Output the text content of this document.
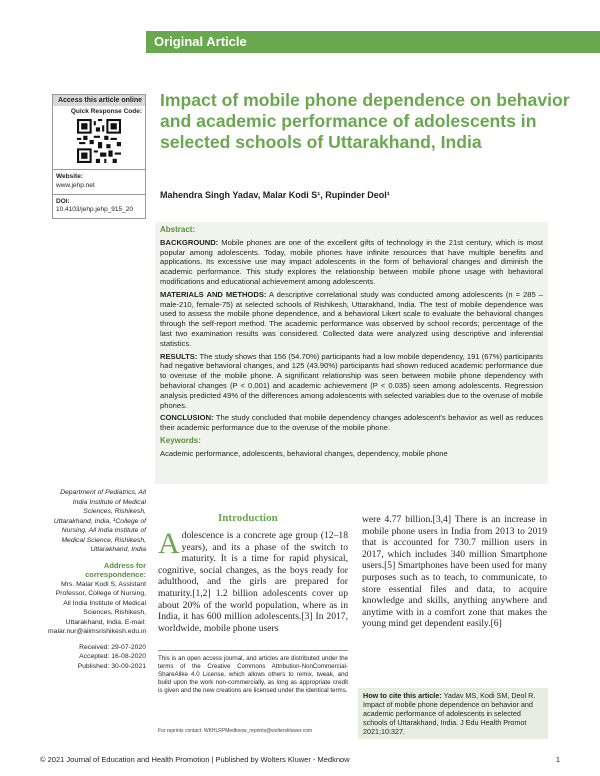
Original Article
Access this article online
Quick Response Code:
Website:
www.jehp.net
DOI:
10.4103/jehp.jehp_915_20
Impact of mobile phone dependence on behavior and academic performance of adolescents in selected schools of Uttarakhand, India
Mahendra Singh Yadav, Malar Kodi S¹, Rupinder Deol¹
Abstract:

BACKGROUND: Mobile phones are one of the excellent gifts of technology in the 21st century, which is most popular among adolescents. Today, mobile phones have infinite resources that have multiple benefits and applications. Its excessive use may impact adolescents in the form of behavioral changes and diminish the academic performance. This study explores the relationship between mobile phone usage with behavioral modifications and educational achievement among adolescents.

MATERIALS AND METHODS: A descriptive correlational study was conducted among adolescents (n = 285 –male-210, female-75) at selected schools of Rishikesh, Uttarakhand, India. The test of mobile dependence was used to assess the mobile phone dependence, and a behavioral Likert scale to evaluate the behavioral changes through the self-report method. The academic performance was observed by school records; percentage of the last two examination results was considered. Collected data were analyzed using descriptive and inferential statistics.

RESULTS: The study shows that 156 (54.70%) participants had a low mobile dependency, 191 (67%) participants had negative behavioral changes, and 125 (43.90%) participants had shown reduced academic performance due to overuse of the mobile phone. A significant relationship was seen between mobile phone dependency with behavioral changes (P < 0.001) and academic achievement (P < 0.035) seen among adolescents. Regression analysis predicted 49% of the differences among adolescents with selected variables due to the overuse of mobile phones.

CONCLUSION: The study concluded that mobile dependency changes adolescent's behavior as well as reduces their academic performance due to the overuse of the mobile phone.

Keywords:

Academic performance, adolescents, behavioral changes, dependency, mobile phone

Department of Pediatrics, All India Institute of Medical Sciences, Rishikesh, Uttarakhand, India, ¹College of Nursing, All India Institute of Medical Science, Rishikesh, Uttarakhand, India
Address for correspondence:
Mrs. Malar Kodi S, Assistant Professor, College of Nursing, All India Institute of Medical Sciences, Rishikesh, Uttarakhand, India. E-mail: malar.nur@aiimsrishikesh.edu.in
Received: 29-07-2020
Accepted: 16-08-2020
Published: 30-09-2021
Introduction
Adolescence is a concrete age group (12–18 years), and its a phase of the switch to maturity. It is a time for rapid physical, cognitive, social changes, as the boys ready for adulthood, and the girls are prepared for maturity.[1,2] 1.2 billion adolescents cover up about 20% of the world population, where as in India, it has 600 million adolescents.[3] In 2017, worldwide, mobile phone users
were 4.77 billion.[3,4] There is an increase in mobile phone users in India from 2013 to 2019 that is accounted for 730.7 million users in 2017, which includes 340 million Smartphone users.[5] Smartphones have been used for many purposes such as to teach, to communicate, to store essential files and data, to acquire knowledge and skills, anything anywhere and anytime with in a comfort zone that makes the young mind get dependent easily.[6]
This is an open access journal, and articles are distributed under the terms of the Creative Commons Attribution-NonCommercial-ShareAlike 4.0 License, which allows others to remix, tweak, and build upon the work non-commercially, as long as appropriate credit is given and the new creations are licensed under the identical terms.
For reprints contact: WKHLRPMedknow_reprints@wolterskluwer.com
How to cite this article: Yadav MS, Kodi SM, Deol R. Impact of mobile phone dependence on behavior and academic performance of adolescents in selected schools of Uttarakhand, India. J Edu Health Promot 2021;10:327.
© 2021 Journal of Education and Health Promotion | Published by Wolters Kluwer - Medknow	1
